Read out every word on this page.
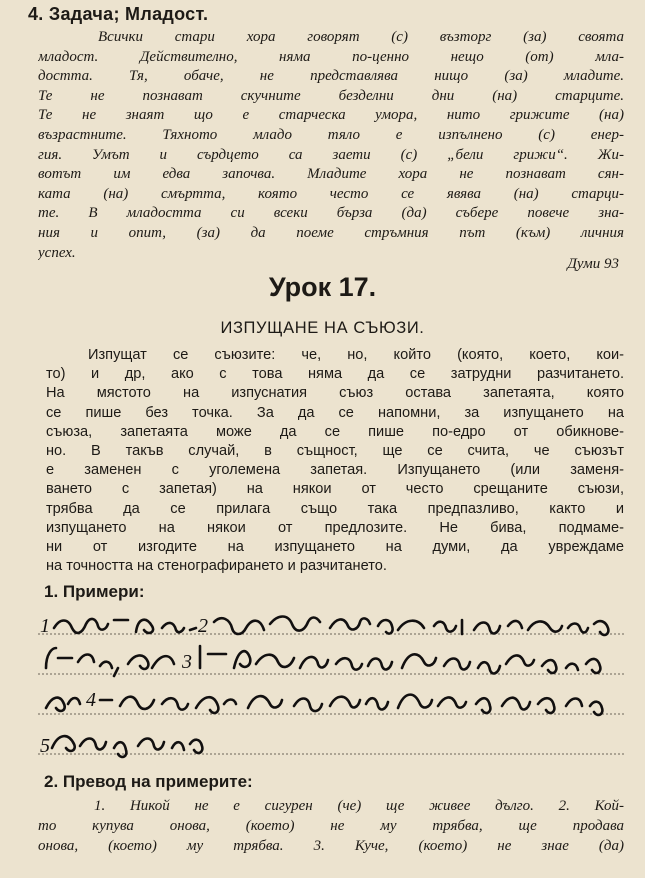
4. Задача; Младост.
Всички стари хора говорят (с) възторг (за) своята
младост. Действително, няма по-ценно нещо (от) мла-
достта. Тя, обаче, не представлява нищо (за) младите.
Те не познават скучните безделни дни (на) старците.
Те не знаят що е старческа умора, нито грижите (на)
възрастните. Тяхното младо тяло е изпълнено (с) енер-
гия. Умът и сърдцето са заети (с) „бели грижи“. Жи-
вотът им едва започва. Младите хора не познават сян-
ката (на) смъртта, която често се явява (на) старци-
те. В младостта си всеки бърза (да) събере повече зна-
ния и опит, (за) да поеме стръмния път (към) личния
успех.
Думи 93
Урок 17.
ИЗПУЩАНЕ НА СЪЮЗИ.
Изпущат се съюзите: че, но, който (която, което, кои-
то) и др, ако с това няма да се затрудни разчитането.
На мястото на изпуснатия съюз остава запетаята, която
се пише без точка. За да се напомни, за изпущането на
съюза, запетаята може да се пише по-едро от обикнове-
но. В такъв случай, в същност, ще се счита, че съюзът
е заменен с уголемена запетая. Изпущането (или заменя-
ването с запетая) на някои от често срещаните съюзи,
трябва да се прилага също така предпазливо, както и
изпущането на някои от предлозите. Не бива, подмаме-
ни от изгодите на изпущането на думи, да увреждаме
на точността на стенографирането и разчитането.
1. Примери:
1	2
3
4
5
2. Превод на примерите:
1. Никой не е сигурен (че) ще живее дълго. 2. Кой-
то купува онова, (което) не му трябва, ще продава
онова, (което) му трябва. 3. Куче, (което) не знае (да)
